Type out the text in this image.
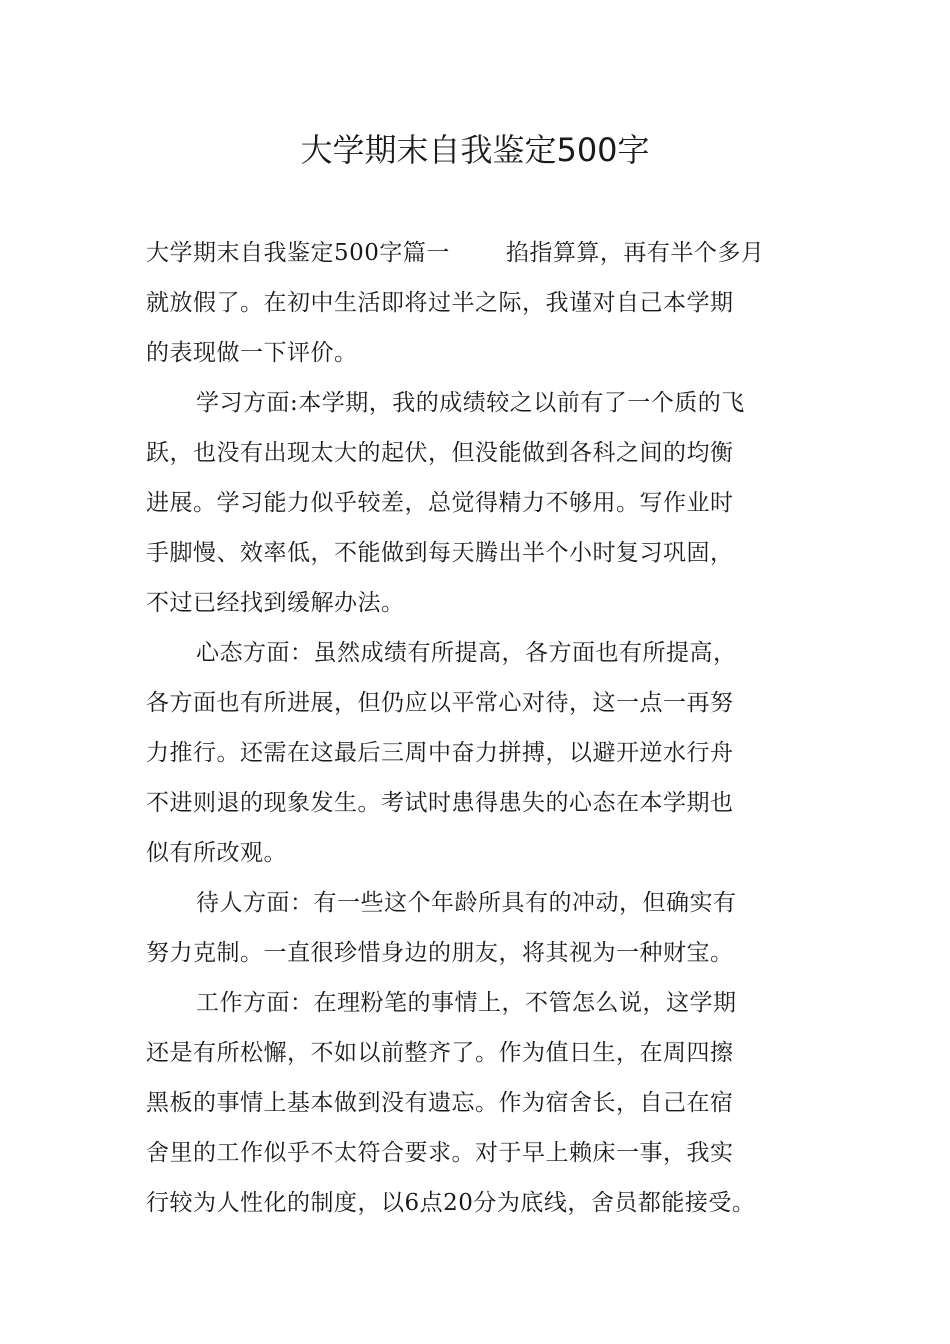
大学期末自我鉴定500字
大学期末自我鉴定500字篇一 掐指算算，再有半个多月
就放假了。在初中生活即将过半之际，我谨对自己本学期
的表现做一下评价。
学习方面:本学期，我的成绩较之以前有了一个质的飞
跃，也没有出现太大的起伏，但没能做到各科之间的均衡
进展。学习能力似乎较差，总觉得精力不够用。写作业时
手脚慢、效率低，不能做到每天腾出半个小时复习巩固，
不过已经找到缓解办法。
心态方面：虽然成绩有所提高，各方面也有所提高，
各方面也有所进展，但仍应以平常心对待，这一点一再努
力推行。还需在这最后三周中奋力拼搏，以避开逆水行舟
不进则退的现象发生。考试时患得患失的心态在本学期也
似有所改观。
待人方面：有一些这个年龄所具有的冲动，但确实有
努力克制。一直很珍惜身边的朋友，将其视为一种财宝。
工作方面：在理粉笔的事情上，不管怎么说，这学期
还是有所松懈，不如以前整齐了。作为值日生，在周四擦
黑板的事情上基本做到没有遗忘。作为宿舍长，自己在宿
舍里的工作似乎不太符合要求。对于早上赖床一事，我实
行较为人性化的制度，以6点20分为底线，舍员都能接受。
